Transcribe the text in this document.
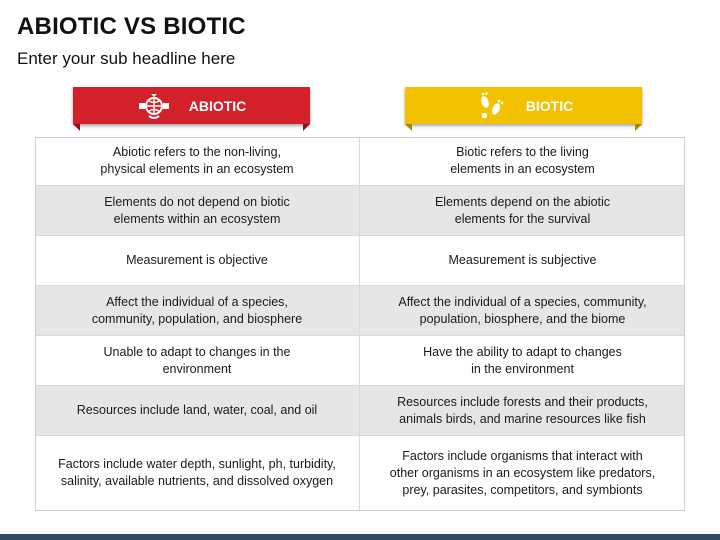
ABIOTIC VS BIOTIC
Enter your sub headline here
ABIOTIC	BIOTIC
Abiotic refers to the non-living,
physical elements in an ecosystem
Biotic refers to the living
elements in an ecosystem
Elements do not depend on biotic
elements within an ecosystem
Elements depend on the abiotic
elements for the survival
Measurement is objective	Measurement is subjective
Affect the individual of a species,
community, population, and biosphere
Affect the individual of a species, community,
population, biosphere, and the biome
Unable to adapt to changes in the
environment
Have the ability to adapt to changes
in the environment
Resources include land, water, coal, and oil
Resources include forests and their products,
animals birds, and marine resources like fish
Factors include water depth, sunlight, ph, turbidity,
salinity, available nutrients, and dissolved oxygen
Factors include organisms that interact with
other organisms in an ecosystem like predators,
prey, parasites, competitors, and symbionts
